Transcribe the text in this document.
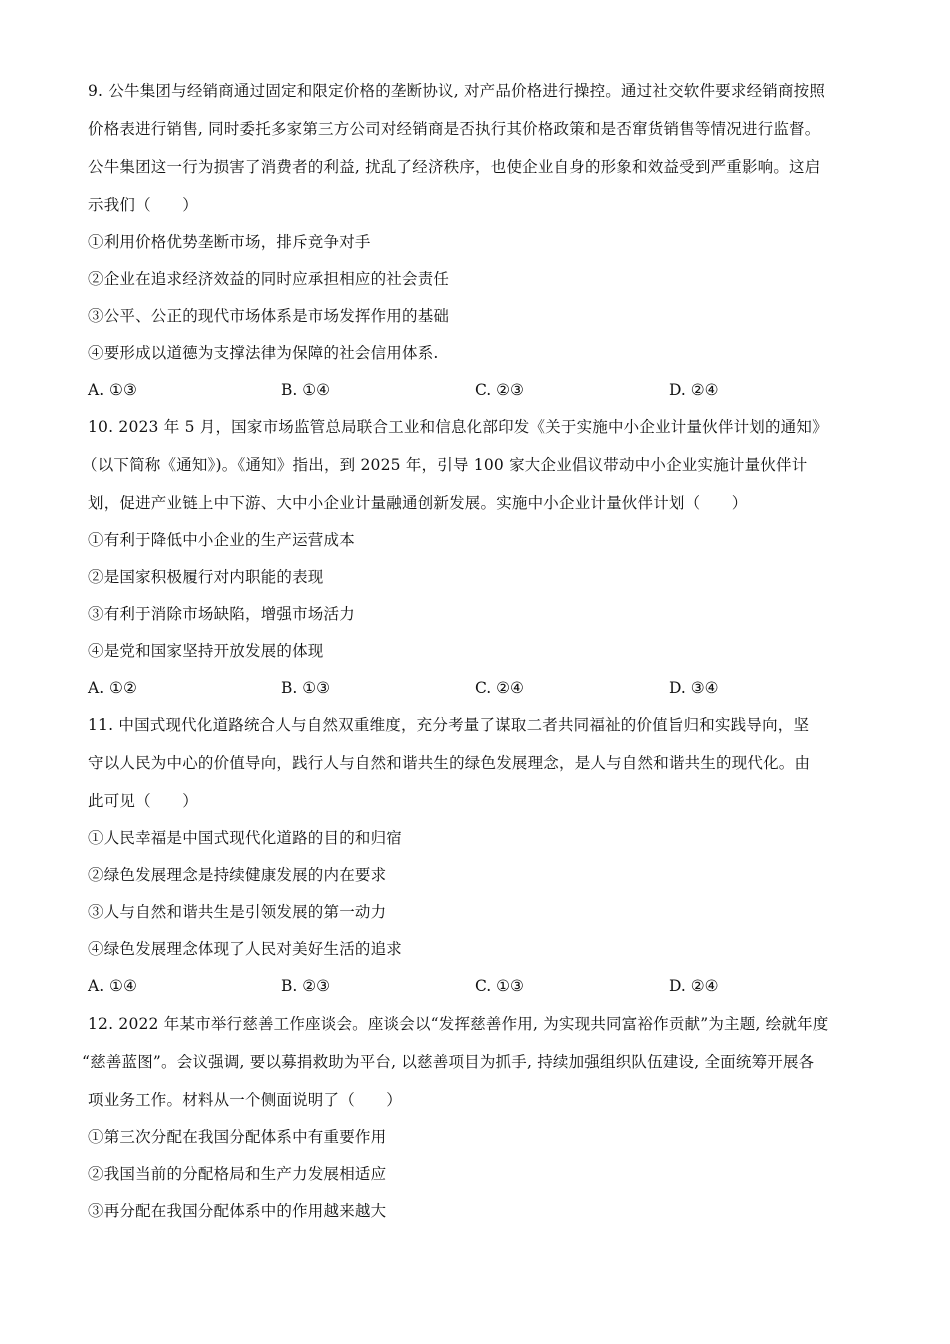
9. 公牛集团与经销商通过固定和限定价格的垄断协议, 对产品价格进行操控。通过社交软件要求经销商按照
价格表进行销售, 同时委托多家第三方公司对经销商是否执行其价格政策和是否窜货销售等情况进行监督。
公牛集团这一行为损害了消费者的利益, 扰乱了经济秩序，也使企业自身的形象和效益受到严重影响。这启
示我们（　　）
①利用价格优势垄断市场，排斥竞争对手
②企业在追求经济效益的同时应承担相应的社会责任
③公平、公正的现代市场体系是市场发挥作用的基础
④要形成以道德为支撑法律为保障的社会信用体系.
A. ①③	B. ①④	C. ②③	D. ②④
10. 2023 年 5 月，国家市场监管总局联合工业和信息化部印发《关于实施中小企业计量伙伴计划的通知》
（以下简称《通知》)。《通知》指出，到 2025 年，引导 100 家大企业倡议带动中小企业实施计量伙伴计
划，促进产业链上中下游、大中小企业计量融通创新发展。实施中小企业计量伙伴计划（　　）
①有利于降低中小企业的生产运营成本
②是国家积极履行对内职能的表现
③有利于消除市场缺陷，增强市场活力
④是党和国家坚持开放发展的体现
A. ①②	B. ①③	C. ②④	D. ③④
11. 中国式现代化道路统合人与自然双重维度，充分考量了谋取二者共同福祉的价值旨归和实践导向，坚
守以人民为中心的价值导向，践行人与自然和谐共生的绿色发展理念，是人与自然和谐共生的现代化。由
此可见（　　）
①人民幸福是中国式现代化道路的目的和归宿
②绿色发展理念是持续健康发展的内在要求
③人与自然和谐共生是引领发展的第一动力
④绿色发展理念体现了人民对美好生活的追求
A. ①④	B. ②③	C. ①③	D. ②④
12. 2022 年某市举行慈善工作座谈会。座谈会以“发挥慈善作用, 为实现共同富裕作贡献”为主题, 绘就年度
“慈善蓝图”。会议强调, 要以募捐救助为平台, 以慈善项目为抓手, 持续加强组织队伍建设, 全面统筹开展各
项业务工作。材料从一个侧面说明了（　　）
①第三次分配在我国分配体系中有重要作用
②我国当前的分配格局和生产力发展相适应
③再分配在我国分配体系中的作用越来越大
